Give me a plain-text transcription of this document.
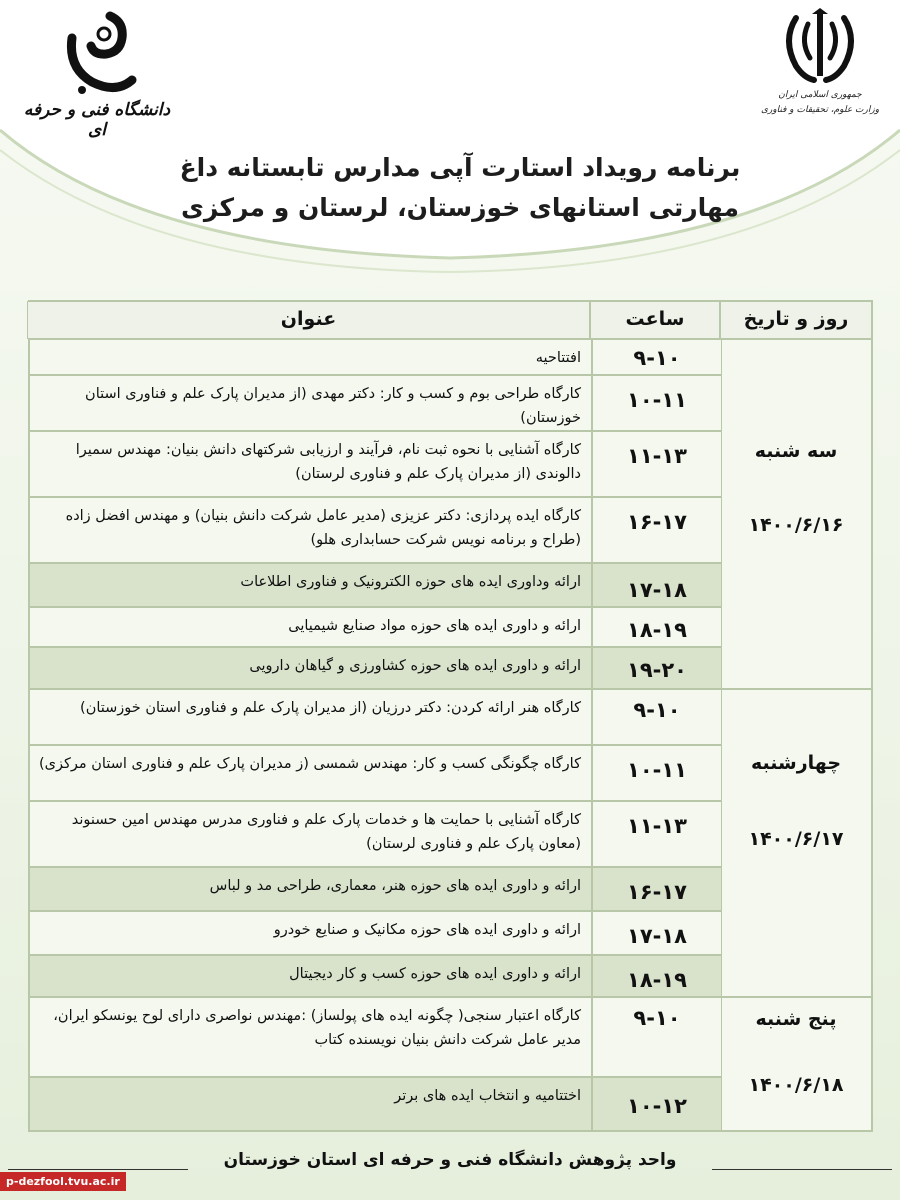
دانشگاه فنی و حرفه ای
جمهوری اسلامی ایران
وزارت علوم، تحقیقات و فناوری
برنامه رویداد استارت آپی مدارس تابستانه داغ
مهارتی استانهای خوزستان، لرستان و مرکزی
روز و تاریخ
ساعت
عنوان
سه شنبه
۱۴۰۰/۶/۱۶
چهارشنبه
۱۴۰۰/۶/۱۷
پنج شنبه
۱۴۰۰/۶/۱۸
۹-۱۰
افتتاحیه
۱۰-۱۱
کارگاه طراحی بوم و کسب و کار: دکتر مهدی (از مدیران پارک علم و فناوری استان خوزستان)
۱۱-۱۳
کارگاه آشنایی با نحوه ثبت نام، فرآیند و ارزیابی شرکتهای دانش بنیان: مهندس سمیرا دالوندی (از مدیران پارک علم و فناوری لرستان)
۱۶-۱۷
کارگاه ایده پردازی: دکتر عزیزی (مدیر عامل شرکت دانش بنیان) و مهندس افضل زاده (طراح و برنامه نویس شرکت حسابداری هلو)
۱۷-۱۸
ارائه وداوری ایده های حوزه الکترونیک و فناوری اطلاعات
۱۸-۱۹
ارائه و داوری ایده های حوزه مواد صنایع شیمیایی
۱۹-۲۰
ارائه و داوری ایده های حوزه کشاورزی و گیاهان دارویی
۹-۱۰
کارگاه هنر ارائه کردن: دکتر درزیان (از مدیران پارک علم و فناوری استان خوزستان)
۱۰-۱۱
کارگاه چگونگی کسب و کار: مهندس شمسی (ز مدیران پارک علم و فناوری استان مرکزی)
۱۱-۱۳
کارگاه آشنایی با حمایت ها و خدمات پارک علم و فناوری مدرس مهندس امین حسنوند (معاون پارک علم و فناوری لرستان)
۱۶-۱۷
ارائه و داوری ایده های حوزه هنر، معماری، طراحی مد و لباس
۱۷-۱۸
ارائه و داوری ایده های حوزه مکانیک و صنایع خودرو
۱۸-۱۹
ارائه و داوری ایده های حوزه کسب و کار دیجیتال
۹-۱۰
کارگاه اعتبار سنجی( چگونه ایده های پولساز) :مهندس نواصری دارای لوح یونسکو ایران، مدیر عامل شرکت دانش بنیان نویسنده کتاب
۱۰-۱۲
اختتامیه و انتخاب ایده های برتر
واحد پژوهش دانشگاه فنی و حرفه ای استان خوزستان
p-dezfool.tvu.ac.ir
